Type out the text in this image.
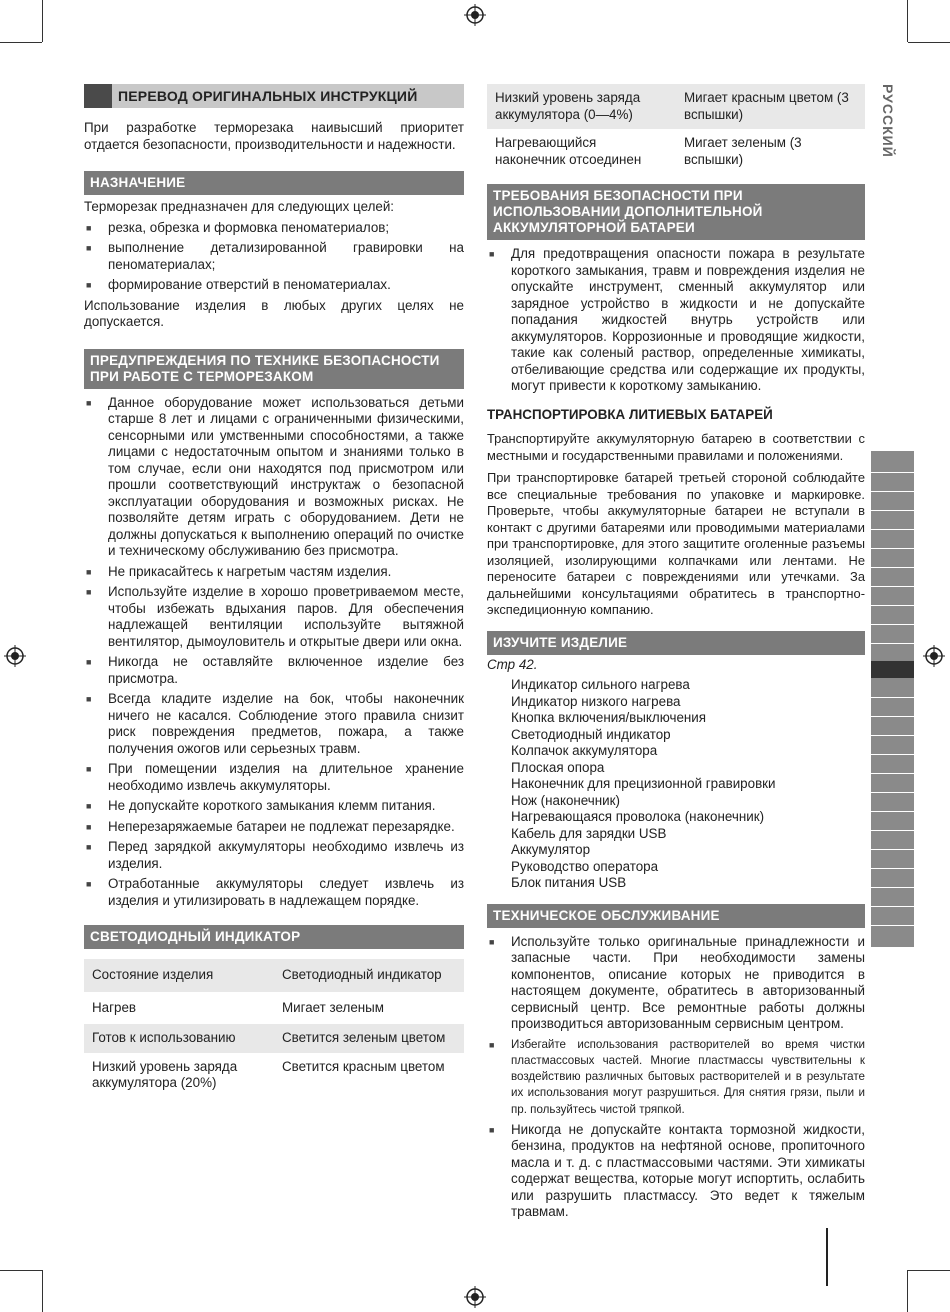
РУССКИЙ
ПЕРЕВОД ОРИГИНАЛЬНЫХ ИНСТРУКЦИЙ

При разработке терморезака наивысший приоритет отдается безопасности, производительности и надежности.

НАЗНАЧЕНИЕ

Терморезак предназначен для следующих целей:

■ резка, обрезка и формовка пеноматериалов;
■ выполнение детализированной гравировки на пеноматериалах;
■ формирование отверстий в пеноматериалах.

Использование изделия в любых других целях не допускается.

ПРЕДУПРЕЖДЕНИЯ ПО ТЕХНИКЕ БЕЗОПАСНОСТИ ПРИ РАБОТЕ С ТЕРМОРЕЗАКОМ
■ Данное оборудование может использоваться детьми старше 8 лет и лицами с ограниченными физическими, сенсорными или умственными способностями, а также лицами с недостаточным опытом и знаниями только в том случае, если они находятся под присмотром или прошли соответствующий инструктаж о безопасной эксплуатации оборудования и возможных рисках. Не позволяйте детям играть с оборудованием. Дети не должны допускаться к выполнению операций по очистке и техническому обслуживанию без присмотра.
■ Не прикасайтесь к нагретым частям изделия.
■ Используйте изделие в хорошо проветриваемом месте, чтобы избежать вдыхания паров. Для обеспечения надлежащей вентиляции используйте вытяжной вентилятор, дымоуловитель и открытые двери или окна.
■ Никогда не оставляйте включенное изделие без присмотра.
■ Всегда кладите изделие на бок, чтобы наконечник ничего не касался. Соблюдение этого правила снизит риск повреждения предметов, пожара, а также получения ожогов или серьезных травм.
■ При помещении изделия на длительное хранение необходимо извлечь аккумуляторы.
■ Не допускайте короткого замыкания клемм питания.
■ Неперезаряжаемые батареи не подлежат перезарядке.
■ Перед зарядкой аккумуляторы необходимо извлечь из изделия.
■ Отработанные аккумуляторы следует извлечь из изделия и утилизировать в надлежащем порядке.
СВЕТОДИОДНЫЙ ИНДИКАТОР
Состояние изделия	Светодиодный индикатор
Нагрев	Мигает зеленым
Готов к использованию	Светится зеленым цветом
Низкий уровень заряда аккумулятора (20%)	Светится красным цветом
Низкий уровень заряда аккумулятора (0—4%)	Мигает красным цветом (3 вспышки)
Нагревающийся наконечник отсоединен	Мигает зеленым (3 вспышки)
ТРЕБОВАНИЯ БЕЗОПАСНОСТИ ПРИ ИСПОЛЬЗОВАНИИ ДОПОЛНИТЕЛЬНОЙ АККУМУЛЯТОРНОЙ БАТАРЕИ
■ Для предотвращения опасности пожара в результате короткого замыкания, травм и повреждения изделия не опускайте инструмент, сменный аккумулятор или зарядное устройство в жидкости и не допускайте попадания жидкостей внутрь устройств или аккумуляторов. Коррозионные и проводящие жидкости, такие как соленый раствор, определенные химикаты, отбеливающие средства или содержащие их продукты, могут привести к короткому замыканию.

ТРАНСПОРТИРОВКА ЛИТИЕВЫХ БАТАРЕЙ

Транспортируйте аккумуляторную батарею в соответствии с местными и государственными правилами и положениями.

При транспортировке батарей третьей стороной соблюдайте все специальные требования по упаковке и маркировке. Проверьте, чтобы аккумуляторные батареи не вступали в контакт с другими батареями или проводимыми материалами при транспортировке, для этого защитите оголенные разъемы изоляцией, изолирующими колпачками или лентами. Не переносите батареи с повреждениями или утечками. За дальнейшими консультациями обратитесь в транспортно-экспедиционную компанию.

ИЗУЧИТЕ ИЗДЕЛИЕ

Стр 42.

Индикатор сильного нагрева
Индикатор низкого нагрева
Кнопка включения/выключения
Светодиодный индикатор
Колпачок аккумулятора
Плоская опора
Наконечник для прецизионной гравировки
Нож (наконечник)
Нагревающаяся проволока (наконечник)
Кабель для зарядки USB
Аккумулятор
Руководство оператора
Блок питания USB
ТЕХНИЧЕСКОЕ ОБСЛУЖИВАНИЕ
■ Используйте только оригинальные принадлежности и запасные части. При необходимости замены компонентов, описание которых не приводится в настоящем документе, обратитесь в авторизованный сервисный центр. Все ремонтные работы должны производиться авторизованным сервисным центром.
■ Избегайте использования растворителей во время чистки пластмассовых частей. Многие пластмассы чувствительны к воздействию различных бытовых растворителей и в результате их использования могут разрушиться. Для снятия грязи, пыли и пр. пользуйтесь чистой тряпкой.
■ Никогда не допускайте контакта тормозной жидкости, бензина, продуктов на нефтяной основе, пропиточного масла и т. д. с пластмассовыми частями. Эти химикаты содержат вещества, которые могут испортить, ослабить или разрушить пластмассу. Это ведет к тяжелым травмам.
